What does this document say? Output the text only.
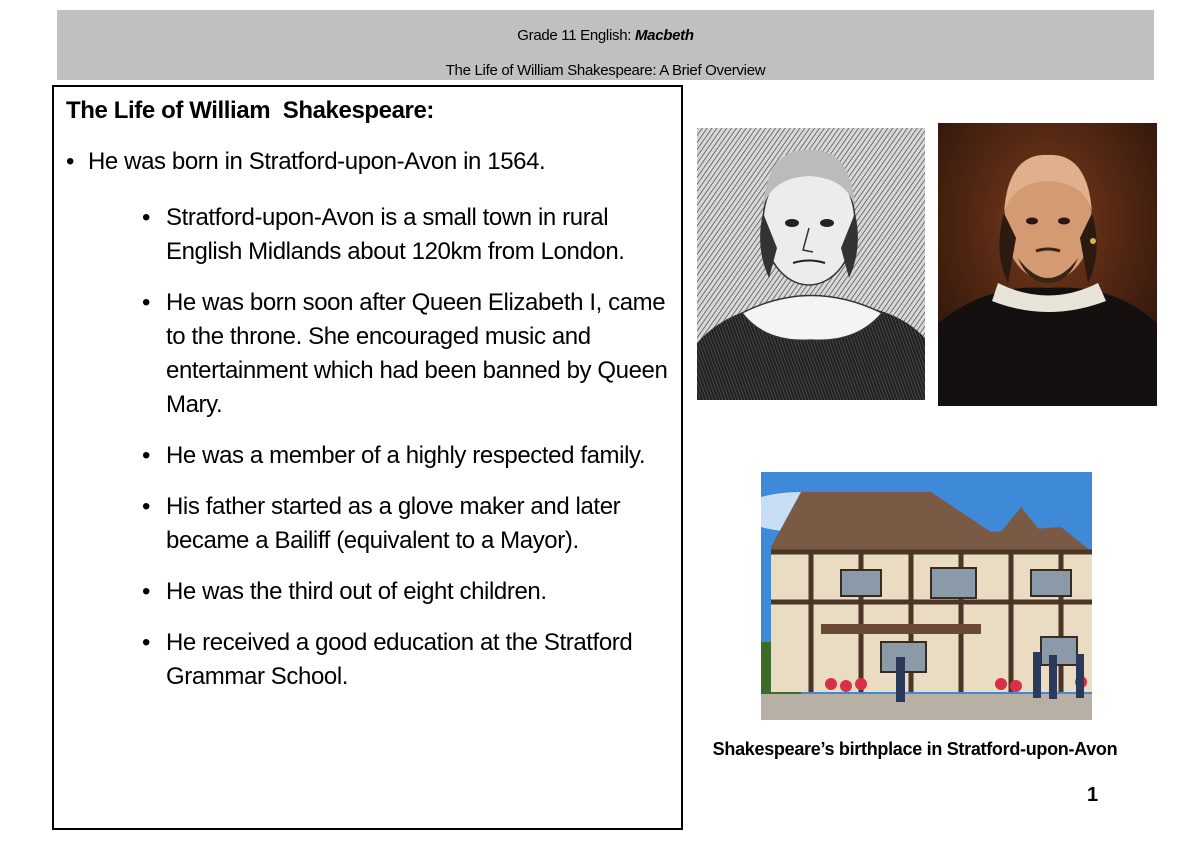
Grade 11 English: Macbeth
The Life of William Shakespeare: A Brief Overview
The Life of William  Shakespeare:
• He was born in Stratford-upon-Avon in 1564.
• Stratford-upon-Avon is a small town in rural English Midlands about 120km from London.
• He was born soon after Queen Elizabeth I, came to the throne. She encouraged music and entertainment which had been banned by Queen Mary.
• He was a member of a highly respected family.
• His father started as a glove maker and later became a Bailiff (equivalent to a Mayor).
• He was the third out of eight children.
• He received a good education at the Stratford Grammar School.
Shakespeare’s birthplace in Stratford-upon-Avon
1
